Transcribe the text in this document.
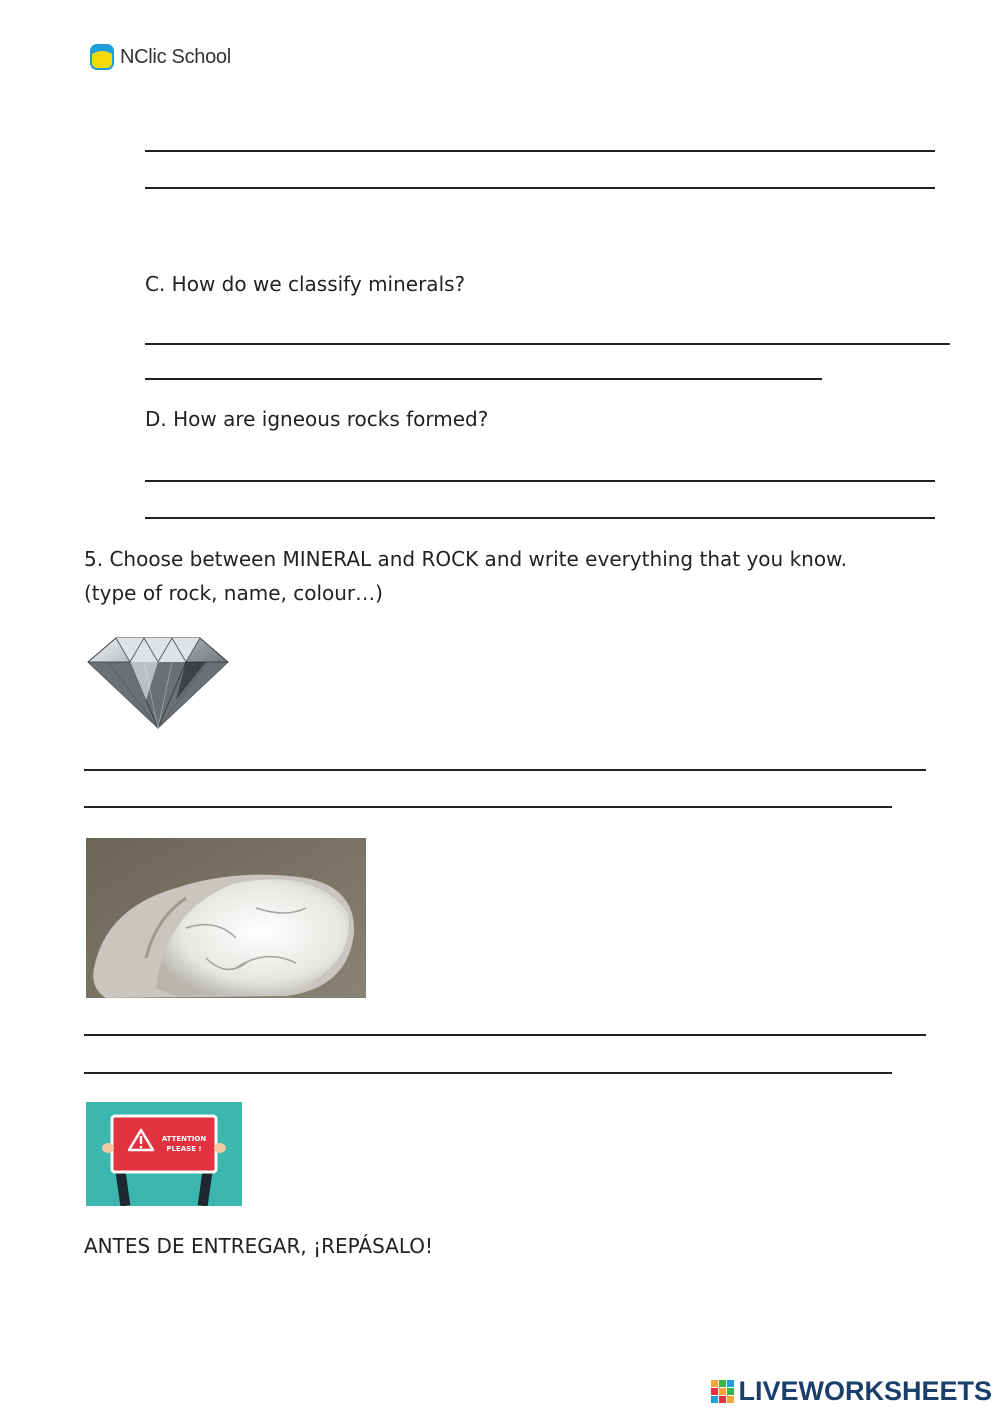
NClic School
C. How do we classify minerals?
D. How are igneous rocks formed?
5. Choose between MINERAL and ROCK and write everything that you know.
(type of rock, name, colour…)
ATTENTION
PLEASE !
ANTES DE ENTREGAR, ¡REPÁSALO!
LIVEWORKSHEETS
